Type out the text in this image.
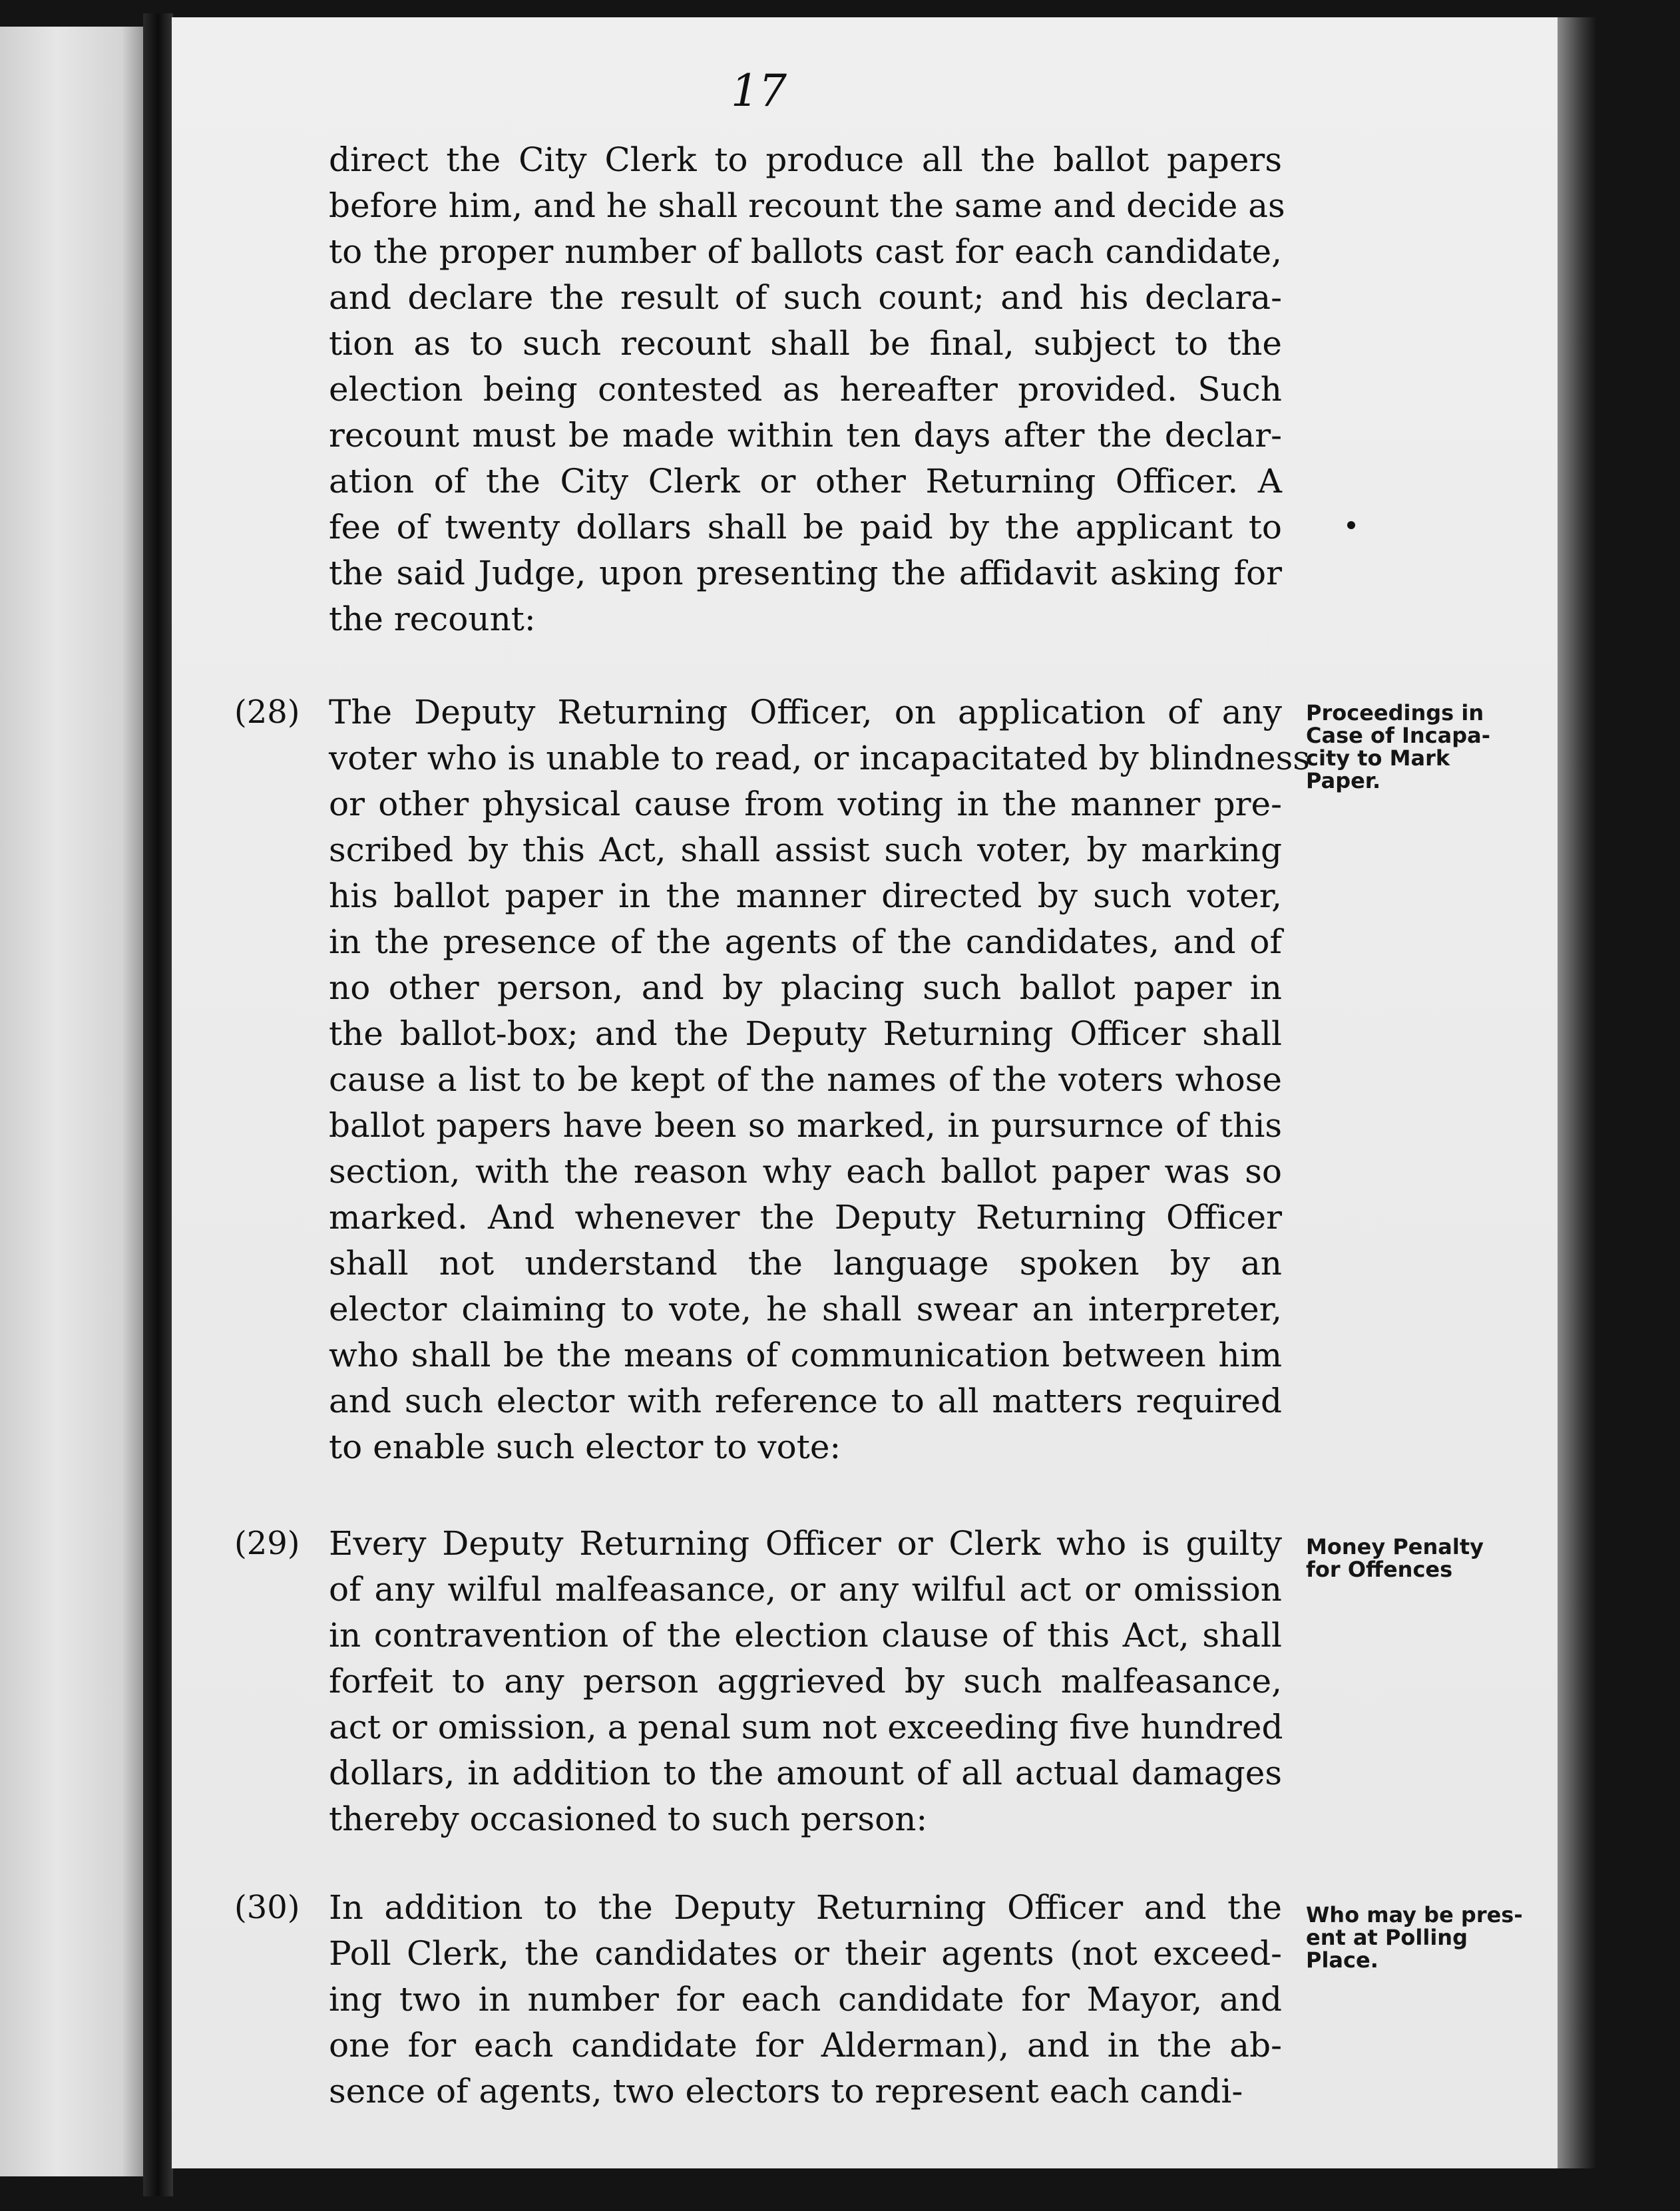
17
direct the City Clerk to produce all the ballot papers
before him, and he shall recount the same and decide as
to the proper number of ballots cast for each candidate,
and declare the result of such count; and his declara-
tion as to such recount shall be final, subject to the
election being contested as hereafter provided. Such
recount must be made within ten days after the declar-
ation of the City Clerk or other Returning Officer. A
fee of twenty dollars shall be paid by the applicant to
the said Judge, upon presenting the affidavit asking for
the recount:
(28) The Deputy Returning Officer, on application of any
voter who is unable to read, or incapacitated by blindness
or other physical cause from voting in the manner pre-
scribed by this Act, shall assist such voter, by marking
his ballot paper in the manner directed by such voter,
in the presence of the agents of the candidates, and of
no other person, and by placing such ballot paper in
the ballot-box; and the Deputy Returning Officer shall
cause a list to be kept of the names of the voters whose
ballot papers have been so marked, in pursurnce of this
section, with the reason why each ballot paper was so
marked. And whenever the Deputy Returning Officer
shall not understand the language spoken by an
elector claiming to vote, he shall swear an interpreter,
who shall be the means of communication between him
and such elector with reference to all matters required
to enable such elector to vote:
Proceedings in
Case of Incapa-
city to Mark
Paper.
(29) Every Deputy Returning Officer or Clerk who is guilty
of any wilful malfeasance, or any wilful act or omission
in contravention of the election clause of this Act, shall
forfeit to any person aggrieved by such malfeasance,
act or omission, a penal sum not exceeding five hundred
dollars, in addition to the amount of all actual damages
thereby occasioned to such person:
Money Penalty
for Offences
(30) In addition to the Deputy Returning Officer and the
Poll Clerk, the candidates or their agents (not exceed-
ing two in number for each candidate for Mayor, and
one for each candidate for Alderman), and in the ab-
sence of agents, two electors to represent each candi-
Who may be pres-
ent at Polling
Place.
